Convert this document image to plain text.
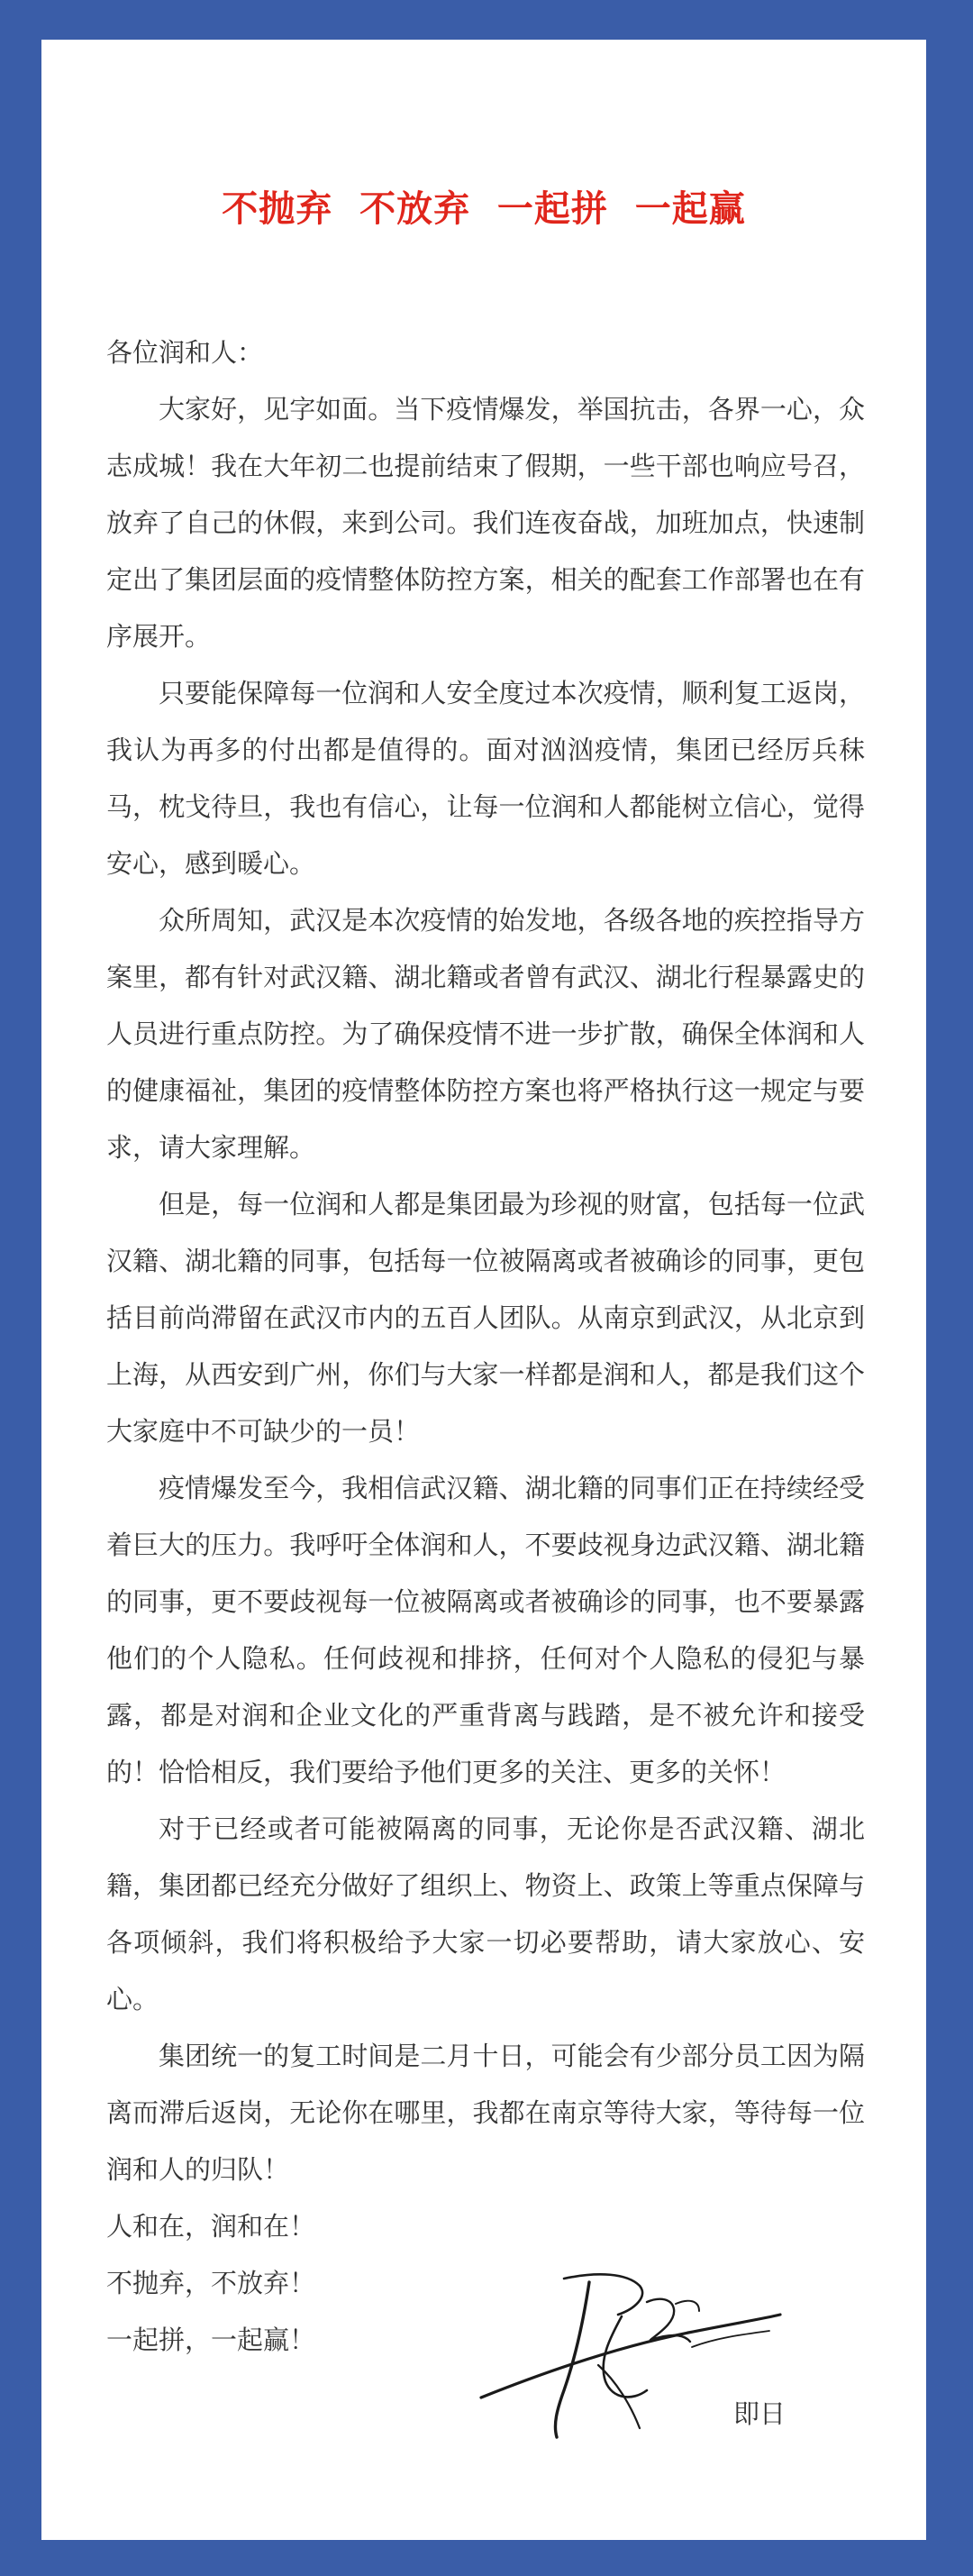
不抛弃  不放弃  一起拼  一起赢

各位润和人：

大家好，见字如面。当下疫情爆发，举国抗击，各界一心，众志成城！我在大年初二也提前结束了假期，一些干部也响应号召，放弃了自己的休假，来到公司。我们连夜奋战，加班加点，快速制定出了集团层面的疫情整体防控方案，相关的配套工作部署也在有序展开。

只要能保障每一位润和人安全度过本次疫情，顺利复工返岗，我认为再多的付出都是值得的。面对汹汹疫情，集团已经厉兵秣马，枕戈待旦，我也有信心，让每一位润和人都能树立信心，觉得安心，感到暖心。

众所周知，武汉是本次疫情的始发地，各级各地的疾控指导方案里，都有针对武汉籍、湖北籍或者曾有武汉、湖北行程暴露史的人员进行重点防控。为了确保疫情不进一步扩散，确保全体润和人的健康福祉，集团的疫情整体防控方案也将严格执行这一规定与要求，请大家理解。

但是，每一位润和人都是集团最为珍视的财富，包括每一位武汉籍、湖北籍的同事，包括每一位被隔离或者被确诊的同事，更包括目前尚滞留在武汉市内的五百人团队。从南京到武汉，从北京到上海，从西安到广州，你们与大家一样都是润和人，都是我们这个大家庭中不可缺少的一员！

疫情爆发至今，我相信武汉籍、湖北籍的同事们正在持续经受着巨大的压力。我呼吁全体润和人，不要歧视身边武汉籍、湖北籍的同事，更不要歧视每一位被隔离或者被确诊的同事，也不要暴露他们的个人隐私。任何歧视和排挤，任何对个人隐私的侵犯与暴露，都是对润和企业文化的严重背离与践踏，是不被允许和接受的！恰恰相反，我们要给予他们更多的关注、更多的关怀！

对于已经或者可能被隔离的同事，无论你是否武汉籍、湖北籍，集团都已经充分做好了组织上、物资上、政策上等重点保障与各项倾斜，我们将积极给予大家一切必要帮助，请大家放心、安心。

集团统一的复工时间是二月十日，可能会有少部分员工因为隔离而滞后返岗，无论你在哪里，我都在南京等待大家，等待每一位润和人的归队！

人和在，润和在！

不抛弃，不放弃！

一起拼，一起赢！

即日
